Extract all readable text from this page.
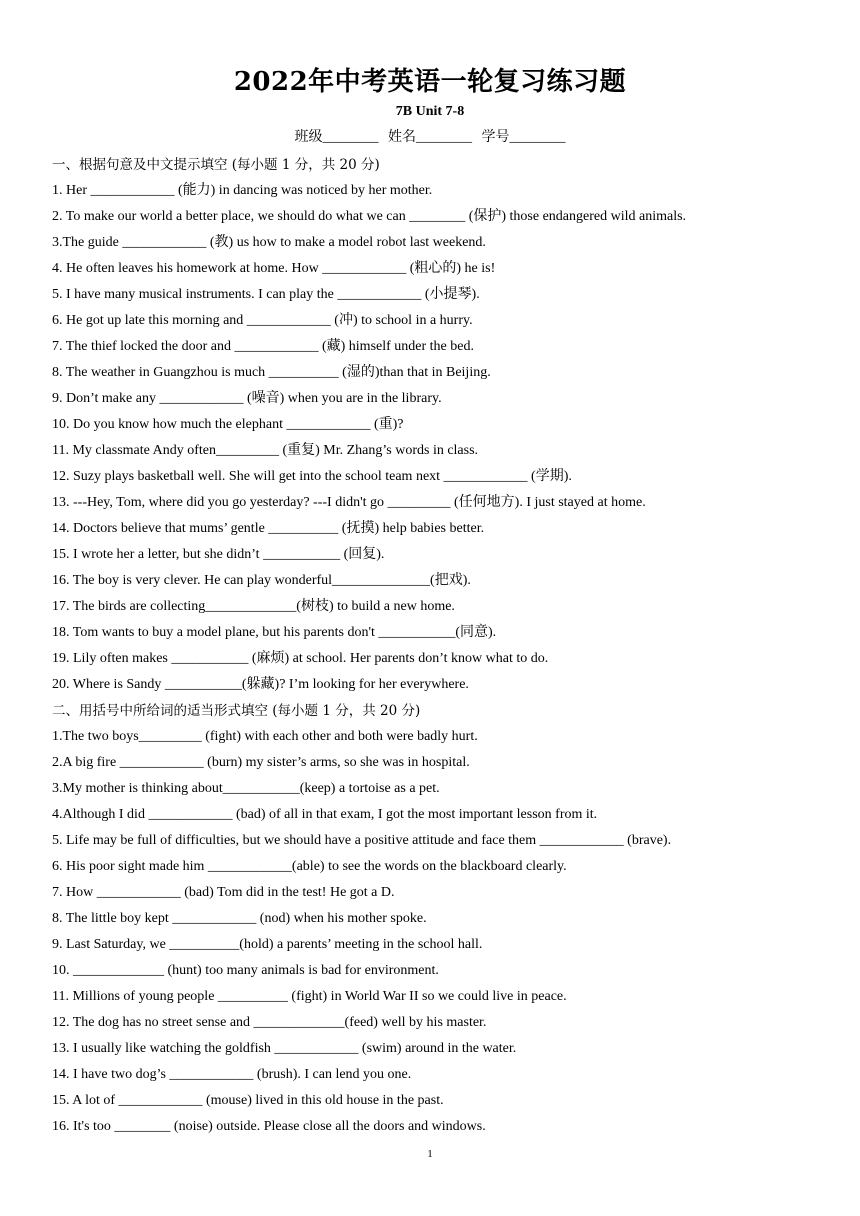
2022年中考英语一轮复习练习题
7B Unit 7-8
班级________ 姓名________ 学号________
一、根据句意及中文提示填空 (每小题 1 分，共 20 分)
1. Her ____________ (能力) in dancing was noticed by her mother.
2. To make our world a better place, we should do what we can ________ (保护) those endangered wild animals.
3.The guide ____________ (教) us how to make a model robot last weekend.
4. He often leaves his homework at home. How ____________ (粗心的) he is!
5. I have many musical instruments. I can play the ____________ (小提琴).
6. He got up late this morning and ____________ (冲) to school in a hurry.
7. The thief locked the door and ____________ (藏) himself under the bed.
8. The weather in Guangzhou is much __________ (湿的)than that in Beijing.
9. Don’t make any ____________ (噪音) when you are in the library.
10. Do you know how much the elephant ____________ (重)?
11. My classmate Andy often_________ (重复) Mr. Zhang’s words in class.
12. Suzy plays basketball well. She will get into the school team next ____________ (学期).
13. ---Hey, Tom, where did you go yesterday? ---I didn't go _________ (任何地方). I just stayed at home.
14. Doctors believe that mums’ gentle __________ (抚摸) help babies better.
15. I wrote her a letter, but she didn’t ___________ (回复).
16. The boy is very clever. He can play wonderful______________(把戏).
17. The birds are collecting_____________(树枝) to build a new home.
18. Tom wants to buy a model plane, but his parents don't ___________(同意).
19. Lily often makes ___________ (麻烦) at school. Her parents don’t know what to do.
20. Where is Sandy ___________(躲藏)? I’m looking for her everywhere.
二、用括号中所给词的适当形式填空 (每小题 1 分，共 20 分)
1.The two boys_________ (fight) with each other and both were badly hurt.
2.A big fire ____________ (burn) my sister’s arms, so she was in hospital.
3.My mother is thinking about___________(keep) a tortoise as a pet.
4.Although I did ____________ (bad) of all in that exam, I got the most important lesson from it.
5. Life may be full of difficulties, but we should have a positive attitude and face them ____________ (brave).
6. His poor sight made him ____________(able) to see the words on the blackboard clearly.
7. How ____________ (bad) Tom did in the test! He got a D.
8. The little boy kept ____________ (nod) when his mother spoke.
9. Last Saturday, we __________(hold) a parents’ meeting in the school hall.
10. _____________ (hunt) too many animals is bad for environment.
11. Millions of young people __________ (fight) in World War II so we could live in peace.
12. The dog has no street sense and _____________(feed) well by his master.
13. I usually like watching the goldfish ____________ (swim) around in the water.
14. I have two dog’s ____________ (brush). I can lend you one.
15. A lot of ____________ (mouse) lived in this old house in the past.
16. It's too ________ (noise) outside. Please close all the doors and windows.
1
